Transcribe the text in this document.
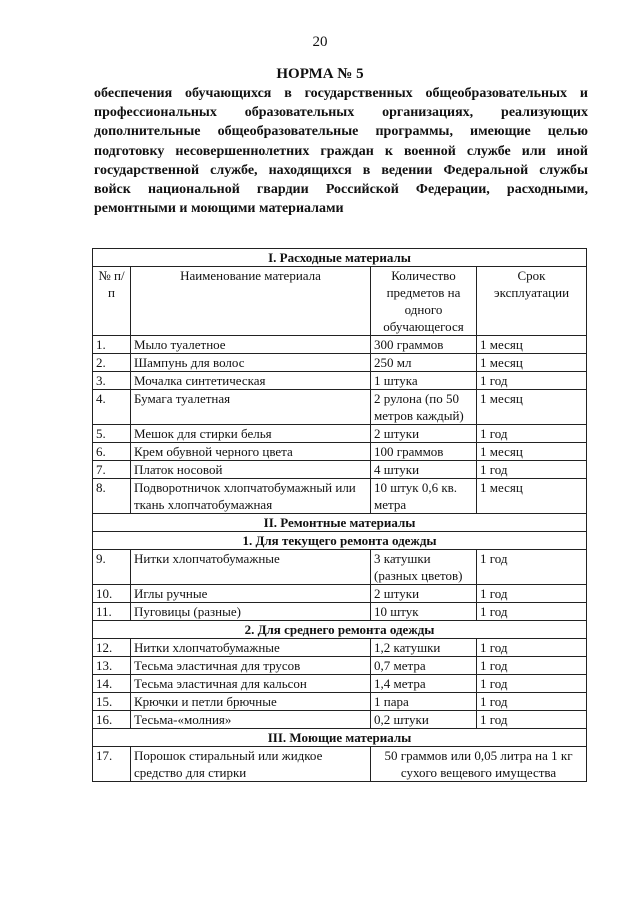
20
НОРМА № 5
обеспечения обучающихся в государственных общеобразовательных и
профессиональных образовательных организациях, реализующих
дополнительные общеобразовательные программы, имеющие целью
подготовку несовершеннолетних граждан к военной службе или иной
государственной службе, находящихся в ведении Федеральной службы
войск национальной гвардии Российской Федерации, расходными,
ремонтными и моющими материалами
I. Расходные материалы			
№ п/п	Наименование материала	Количество предметов на одного обучающегося	Срок эксплуатации
1.	Мыло туалетное	300 граммов	1 месяц
2.	Шампунь для волос	250 мл	1 месяц
3.	Мочалка синтетическая	1 штука	1 год
4.	Бумага туалетная	2 рулона (по 50 метров каждый)	1 месяц
5.	Мешок для стирки белья	2 штуки	1 год
6.	Крем обувной черного цвета	100 граммов	1 месяц
7.	Платок носовой	4 штуки	1 год
8.	Подворотничок хлопчатобумажный или ткань хлопчатобумажная	10 штук 0,6 кв. метра	1 месяц
II. Ремонтные материалы			
1. Для текущего ремонта одежды			
9.	Нитки хлопчатобумажные	3 катушки (разных цветов)	1 год
10.	Иглы ручные	2 штуки	1 год
11.	Пуговицы (разные)	10 штук	1 год
2. Для среднего ремонта одежды			
12.	Нитки хлопчатобумажные	1,2 катушки	1 год
13.	Тесьма эластичная для трусов	0,7 метра	1 год
14.	Тесьма эластичная для кальсон	1,4 метра	1 год
15.	Крючки и петли брючные	1 пара	1 год
16.	Тесьма-«молния»	0,2 штуки	1 год
III. Моющие материалы			
17.	Порошок стиральный или жидкое средство для стирки	50 граммов или 0,05 литра на 1 кг сухого вещевого имущества	
